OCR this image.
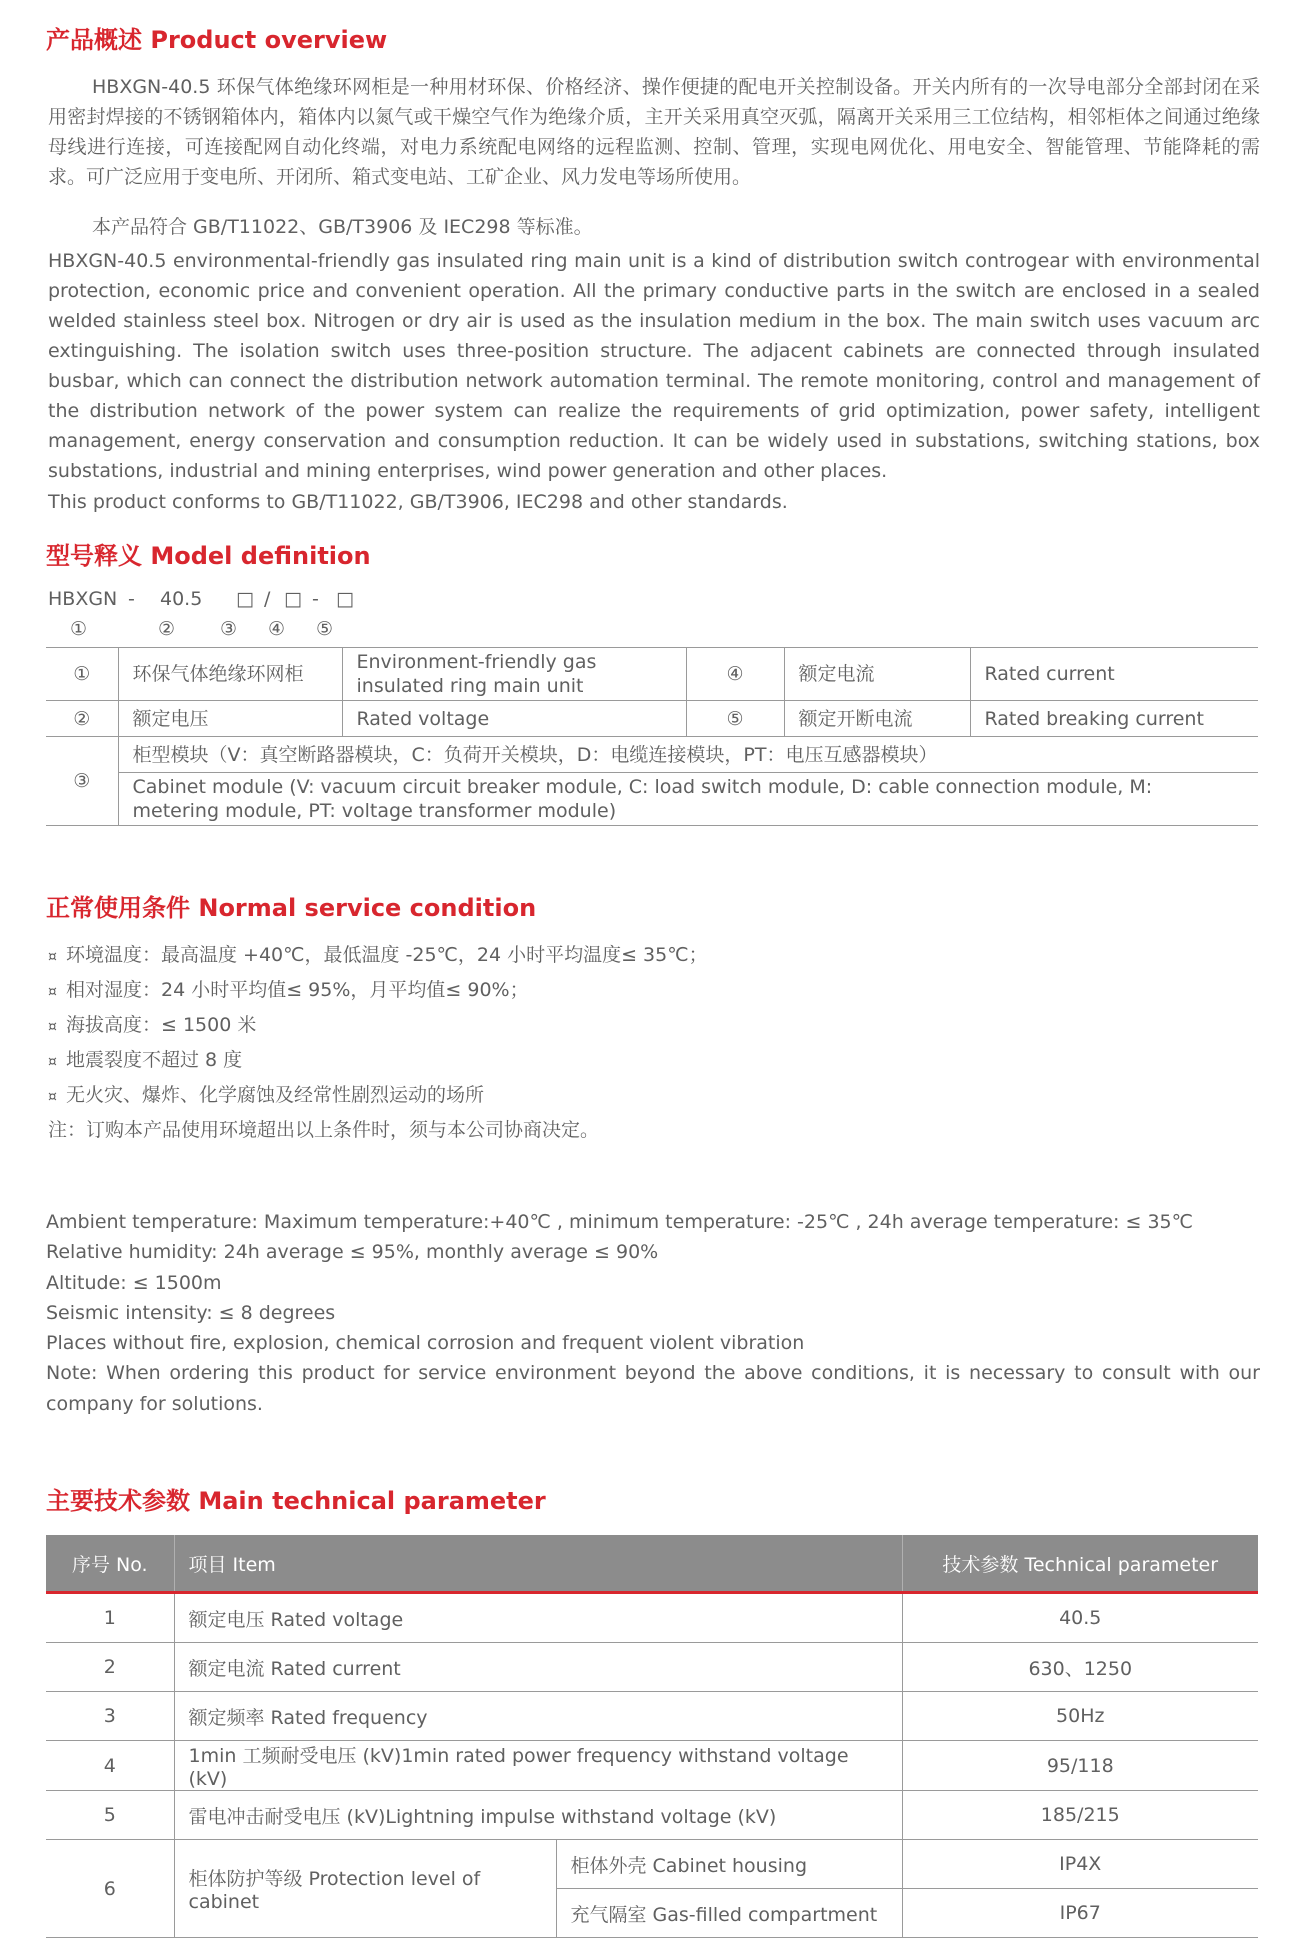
产品概述 Product overview

HBXGN-40.5 环保气体绝缘环网柜是一种用材环保、价格经济、操作便捷的配电开关控制设备。开关内所有的一次导电部分全部封闭在采用密封焊接的不锈钢箱体内，箱体内以氮气或干燥空气作为绝缘介质，主开关采用真空灭弧，隔离开关采用三工位结构，相邻柜体之间通过绝缘母线进行连接，可连接配网自动化终端，对电力系统配电网络的远程监测、控制、管理，实现电网优化、用电安全、智能管理、节能降耗的需求。可广泛应用于变电所、开闭所、箱式变电站、工矿企业、风力发电等场所使用。

本产品符合 GB/T11022、GB/T3906 及 IEC298 等标准。

HBXGN-40.5 environmental-friendly gas insulated ring main unit is a kind of distribution switch controgear with environmental protection, economic price and convenient operation. All the primary conductive parts in the switch are enclosed in a sealed welded stainless steel box. Nitrogen or dry air is used as the insulation medium in the box. The main switch uses vacuum arc extinguishing. The isolation switch uses three-position structure. The adjacent cabinets are connected through insulated busbar, which can connect the distribution network automation terminal. The remote monitoring, control and management of the distribution network of the power system can realize the requirements of grid optimization, power safety, intelligent management, energy conservation and consumption reduction. It can be widely used in substations, switching stations, box substations, industrial and mining enterprises, wind power generation and other places.

This product conforms to GB/T11022, GB/T3906, IEC298 and other standards.

型号释义 Model definition
HBXGN - 40.5 □ / □ - □
①	② ③ ④ ⑤
①	环保气体绝缘环网柜	Environment-friendly gas insulated ring main unit	④	额定电流	Rated current
②	额定电压	Rated voltage	⑤	额定开断电流	Rated breaking current
③	柜型模块（V：真空断路器模块，C：负荷开关模块，D：电缆连接模块，PT：电压互感器模块）				
	Cabinet module (V: vacuum circuit breaker module, C: load switch module, D: cable connection module, M: metering module, PT: voltage transformer module)				
正常使用条件 Normal service condition
¤ 环境温度：最高温度 +40℃，最低温度 -25℃，24 小时平均温度≤ 35℃；
¤ 相对湿度：24 小时平均值≤ 95%，月平均值≤ 90%；
¤ 海拔高度：≤ 1500 米
¤ 地震裂度不超过 8 度
¤ 无火灾、爆炸、化学腐蚀及经常性剧烈运动的场所
注：订购本产品使用环境超出以上条件时，须与本公司协商决定。
Ambient temperature: Maximum temperature:+40℃ , minimum temperature: -25℃ , 24h average temperature: ≤ 35℃
Relative humidity: 24h average ≤ 95%, monthly average ≤ 90%
Altitude: ≤ 1500m
Seismic intensity: ≤ 8 degrees
Places without fire, explosion, chemical corrosion and frequent violent vibration
Note: When ordering this product for service environment beyond the above conditions, it is necessary to consult with our company for solutions.
主要技术参数 Main technical parameter
序号 No.	项目 Item		技术参数 Technical parameter
1	额定电压 Rated voltage		40.5
2	额定电流 Rated current		630、1250
3	额定频率 Rated frequency		50Hz
4	1min 工频耐受电压 (kV)1min rated power frequency withstand voltage (kV)		95/118
5	雷电冲击耐受电压 (kV)Lightning impulse withstand voltage (kV)		185/215
6	柜体防护等级 Protection level of cabinet	柜体外壳 Cabinet housing	IP4X
		充气隔室 Gas-filled compartment	IP67
